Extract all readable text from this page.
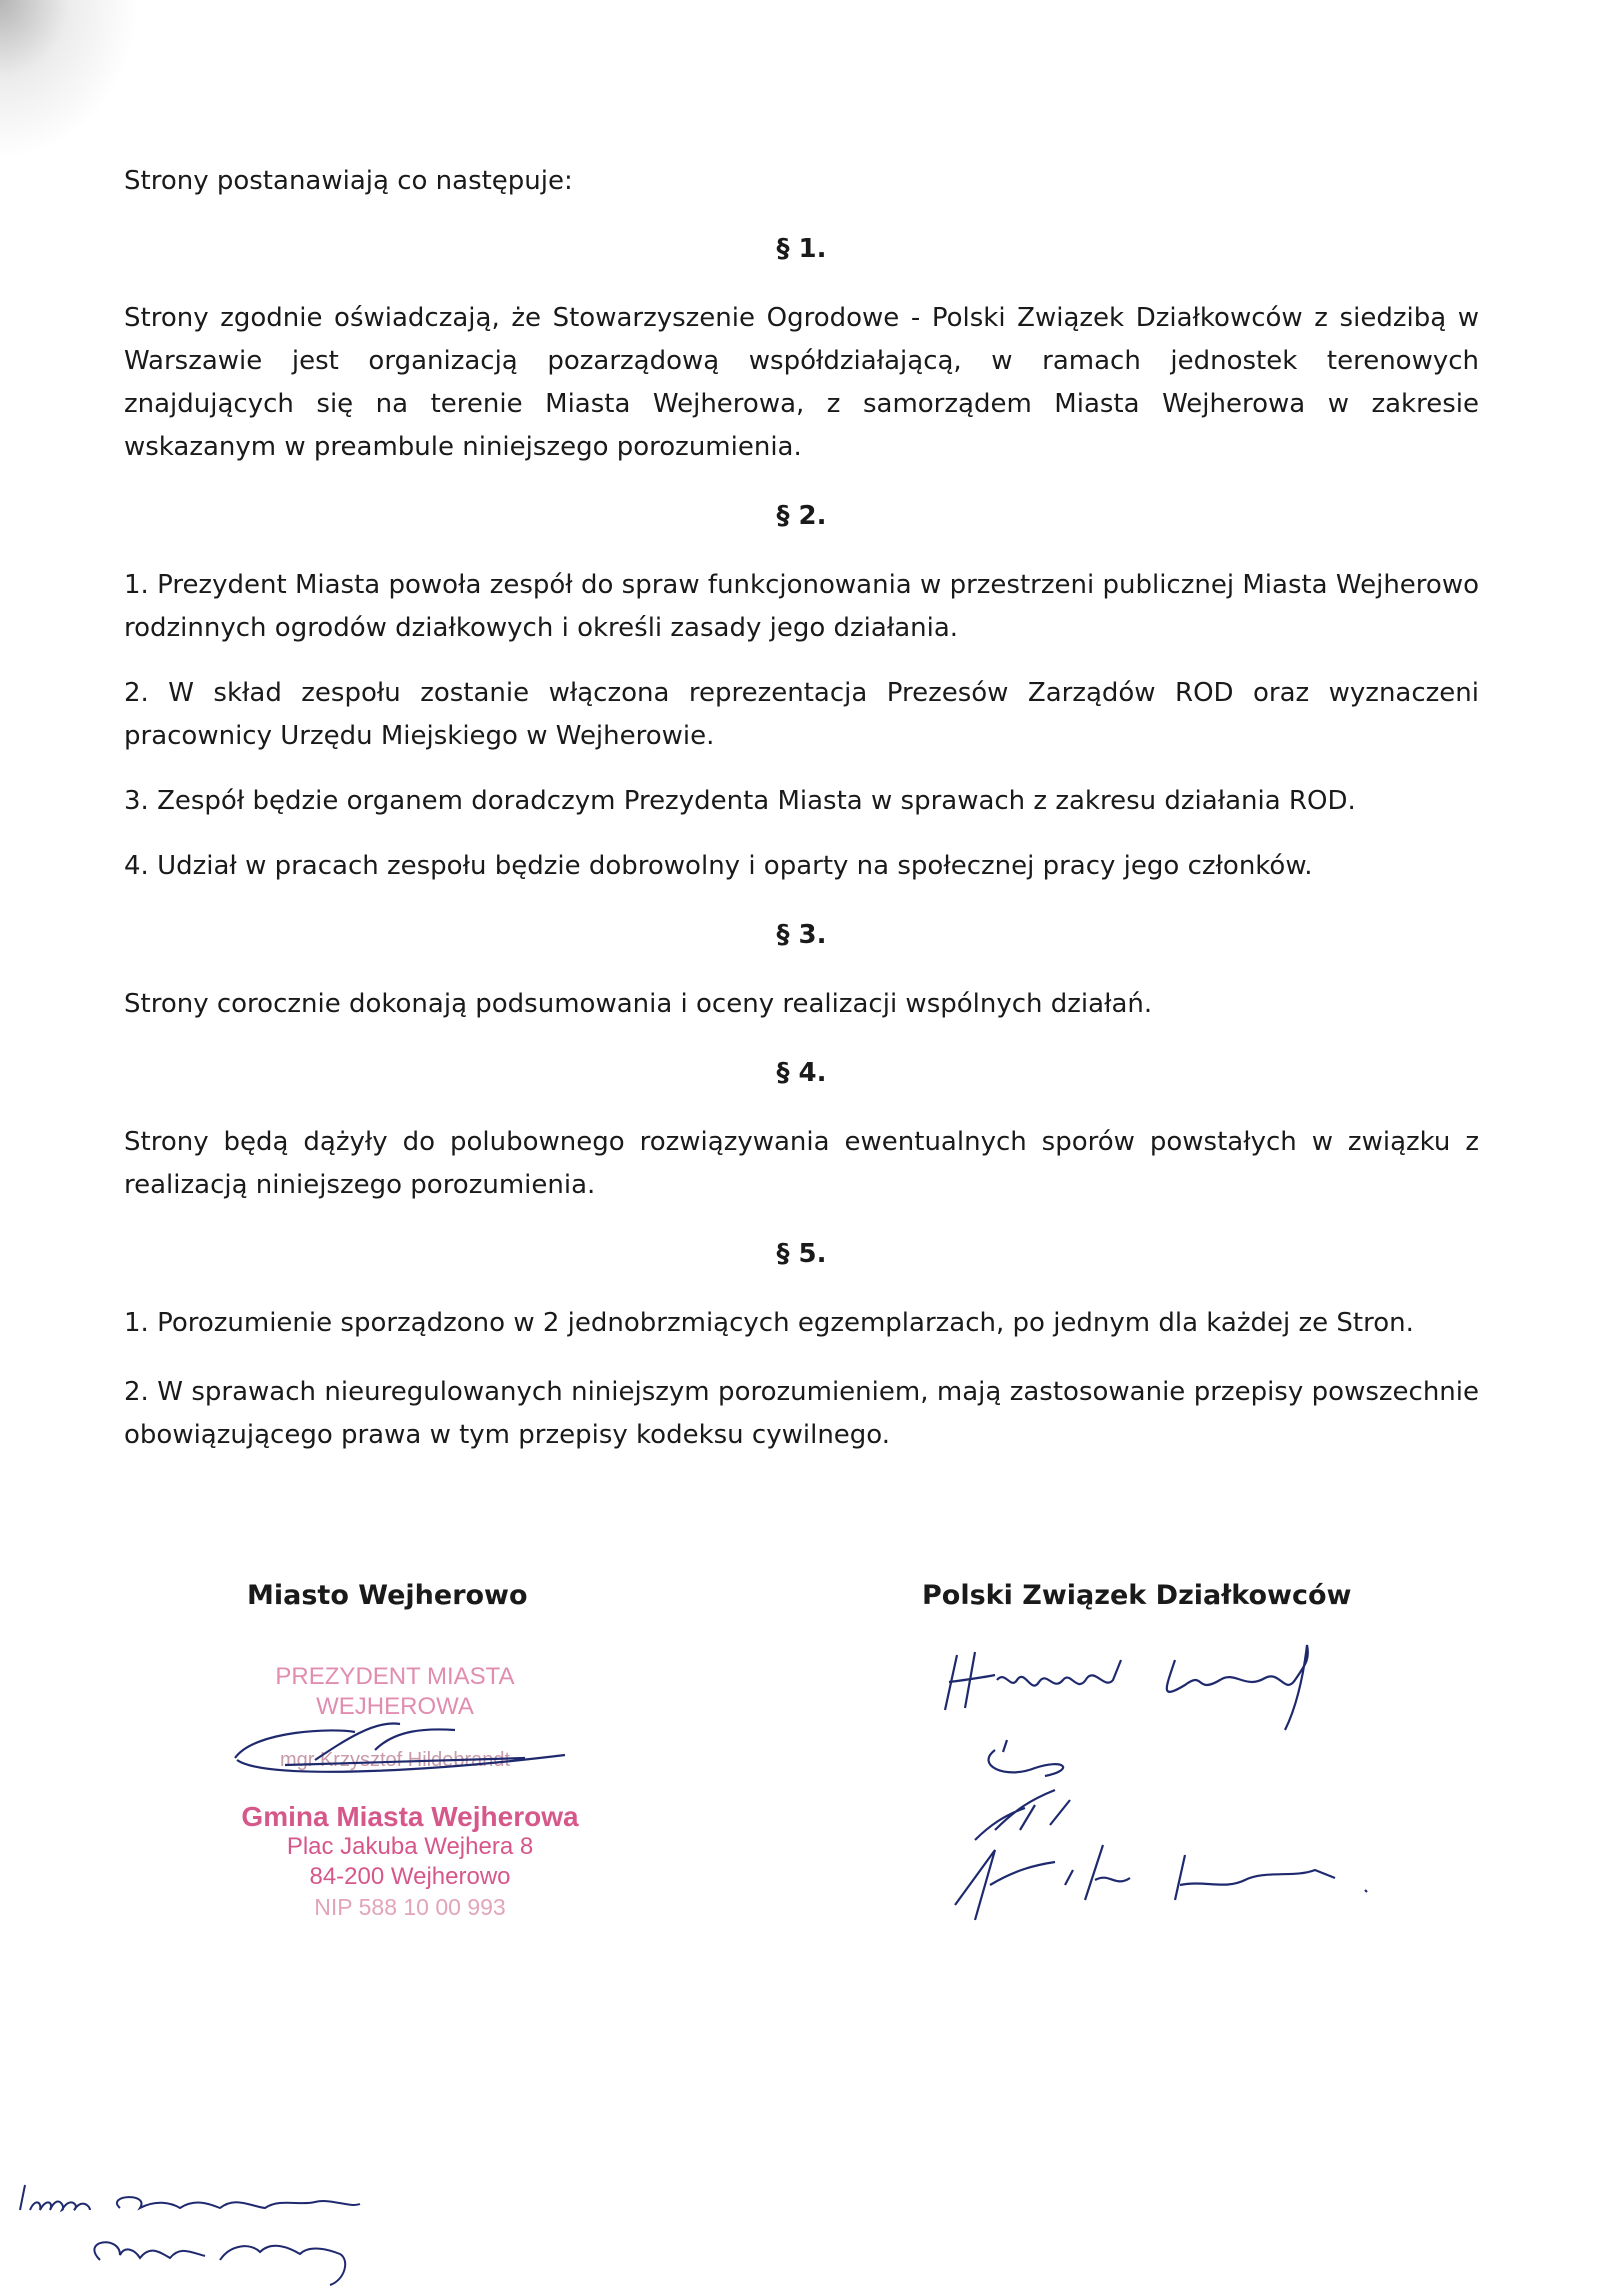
Strony postanawiają co następuje:

§ 1.

Strony zgodnie oświadczają, że Stowarzyszenie Ogrodowe - Polski Związek Działkowców z siedzibą w Warszawie jest organizacją pozarządową współdziałającą, w ramach jednostek terenowych znajdujących się na terenie Miasta Wejherowa, z samorządem Miasta Wejherowa w zakresie wskazanym w preambule niniejszego porozumienia.

§ 2.

1. Prezydent Miasta powoła zespół do spraw funkcjonowania w przestrzeni publicznej Miasta Wejherowo rodzinnych ogrodów działkowych i określi zasady jego działania.

2. W skład zespołu zostanie włączona reprezentacja Prezesów Zarządów ROD oraz wyznaczeni pracownicy Urzędu Miejskiego w Wejherowie.

3. Zespół będzie organem doradczym Prezydenta Miasta w sprawach z zakresu działania ROD.

4. Udział w pracach zespołu będzie dobrowolny i oparty na społecznej pracy jego członków.

§ 3.

Strony corocznie dokonają podsumowania i oceny realizacji wspólnych działań.

§ 4.

Strony będą dążyły do polubownego rozwiązywania ewentualnych sporów powstałych w związku z realizacją niniejszego porozumienia.

§ 5.

1. Porozumienie sporządzono w 2 jednobrzmiących egzemplarzach, po jednym dla każdej ze Stron.

2. W sprawach nieuregulowanych niniejszym porozumieniem, mają zastosowanie przepisy powszechnie obowiązującego prawa w tym przepisy kodeksu cywilnego.

Miasto Wejherowo	Polski Związek Działkowców
PREZYDENT MIASTA
WEJHEROWA
mgr Krzysztof Hildebrandt
Gmina Miasta Wejherowa
Plac Jakuba Wejhera 8
84-200 Wejherowo
NIP 588 10 00 993
